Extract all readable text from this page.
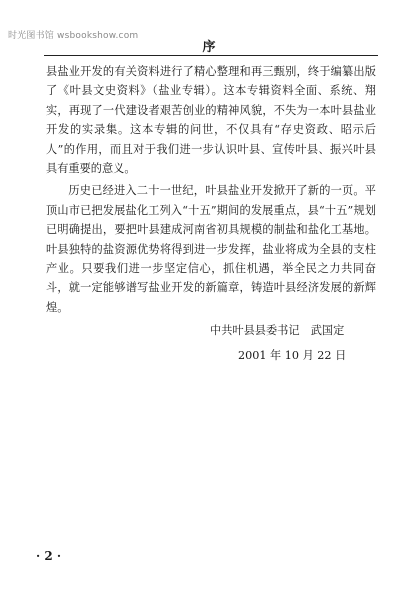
时光图书馆 wsbookshow.com
序

县盐业开发的有关资料进行了精心整理和再三甄别，终于编纂出版了《叶县文史资料》（盐业专辑）。这本专辑资料全面、系统、翔实，再现了一代建设者艰苦创业的精神风貌，不失为一本叶县盐业开发的实录集。这本专辑的问世，不仅具有“存史资政、昭示后人”的作用，而且对于我们进一步认识叶县、宣传叶县、振兴叶县具有重要的意义。

历史已经进入二十一世纪，叶县盐业开发掀开了新的一页。平顶山市已把发展盐化工列入“十五”期间的发展重点，县“十五”规划已明确提出，要把叶县建成河南省初具规模的制盐和盐化工基地。叶县独特的盐资源优势将得到进一步发挥，盐业将成为全县的支柱产业。只要我们进一步坚定信心，抓住机遇，举全民之力共同奋斗，就一定能够谱写盐业开发的新篇章，铸造叶县经济发展的新辉煌。

中共叶县县委书记　武国定
2001 年 10 月 22 日
· 2 ·
